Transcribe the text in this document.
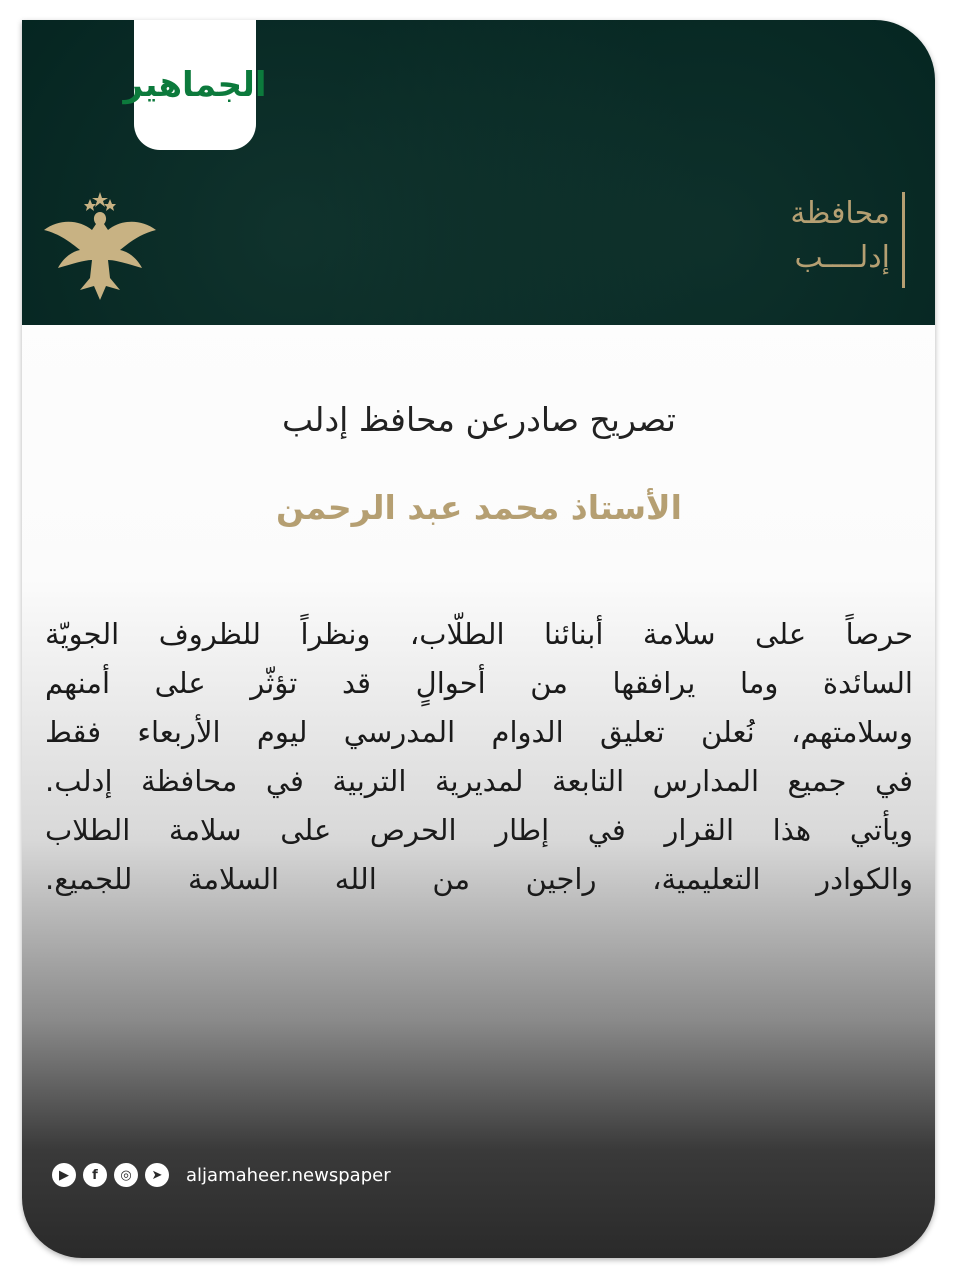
الجماهير
محافظة
إدلــــب
تصريح صادرعن محافظ إدلب
الأستاذ محمد عبد الرحمن
حرصاً على سلامة أبنائنا الطلّاب، ونظراً للظروف الجويّة
السائدة وما يرافقها من أحوالٍ قد تؤثّر على أمنهم
وسلامتهم، نُعلن تعليق الدوام المدرسي ليوم الأربعاء فقط
في جميع المدارس التابعة لمديرية التربية في محافظة إدلب.
ويأتي هذا القرار في إطار الحرص على سلامة الطلاب
والكوادر التعليمية، راجين من الله السلامة للجميع.
▶	f	◎	➤	aljamaheer.newspaper
